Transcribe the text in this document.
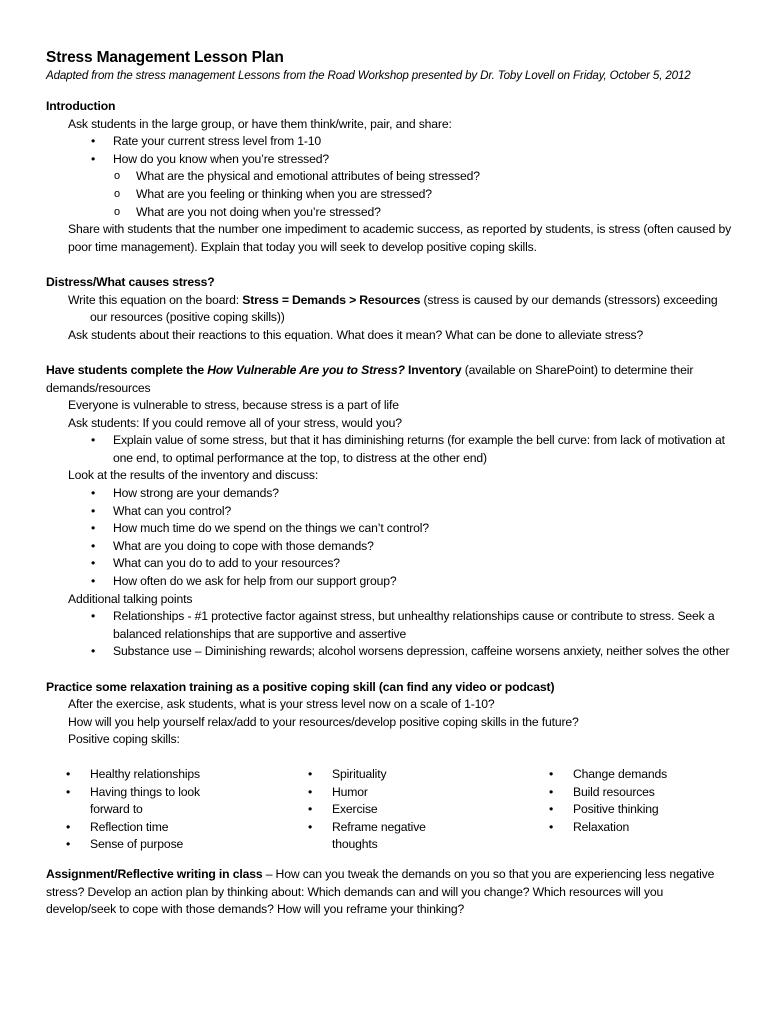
Stress Management Lesson Plan

Adapted from the stress management Lessons from the Road Workshop presented by Dr. Toby Lovell on Friday, October 5, 2012

Introduction

Ask students in the large group, or have them think/write, pair, and share:

• Rate your current stress level from 1-10
• How do you know when you’re stressed?
o What are the physical and emotional attributes of being stressed?
o What are you feeling or thinking when you are stressed?
o What are you not doing when you’re stressed?

Share with students that the number one impediment to academic success, as reported by students, is stress (often caused by poor time management). Explain that today you will seek to develop positive coping skills.

Distress/What causes stress?

Write this equation on the board: Stress = Demands > Resources (stress is caused by our demands (stressors) exceeding our resources (positive coping skills))

Ask students about their reactions to this equation. What does it mean? What can be done to alleviate stress?

Have students complete the How Vulnerable Are you to Stress? Inventory (available on SharePoint) to determine their demands/resources

Everyone is vulnerable to stress, because stress is a part of life

Ask students: If you could remove all of your stress, would you?

• Explain value of some stress, but that it has diminishing returns (for example the bell curve: from lack of motivation at one end, to optimal performance at the top, to distress at the other end)

Look at the results of the inventory and discuss:

• How strong are your demands?
• What can you control?
• How much time do we spend on the things we can’t control?
• What are you doing to cope with those demands?
• What can you do to add to your resources?
• How often do we ask for help from our support group?

Additional talking points

• Relationships - #1 protective factor against stress, but unhealthy relationships cause or contribute to stress. Seek a balanced relationships that are supportive and assertive
• Substance use – Diminishing rewards; alcohol worsens depression, caffeine worsens anxiety, neither solves the other

Practice some relaxation training as a positive coping skill (can find any video or podcast)

After the exercise, ask students, what is your stress level now on a scale of 1-10?

How will you help yourself relax/add to your resources/develop positive coping skills in the future?

Positive coping skills:

• Healthy relationships
• Having things to look forward to
• Reflection time
• Sense of purpose
• Spirituality
• Humor
• Exercise
• Reframe negative thoughts
• Change demands
• Build resources
• Positive thinking
• Relaxation

Assignment/Reflective writing in class – How can you tweak the demands on you so that you are experiencing less negative stress? Develop an action plan by thinking about: Which demands can and will you change? Which resources will you develop/seek to cope with those demands? How will you reframe your thinking?
